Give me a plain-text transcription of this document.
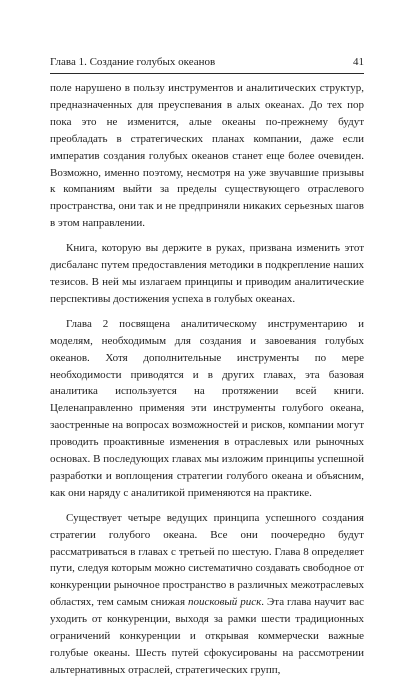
Глава 1. Создание голубых океанов	41

поле нарушено в пользу инструментов и аналитических структур, предназначенных для преуспевания в алых океанах. До тех пор пока это не изменится, алые океаны по-прежнему будут преобладать в стратегических планах компании, даже если императив создания голубых океанов станет еще более очевиден. Возможно, именно поэтому, несмотря на уже звучавшие призывы к компаниям выйти за пределы существующего отраслевого пространства, они так и не предприняли никаких серьезных шагов в этом направлении.

Книга, которую вы держите в руках, призвана изменить этот дисбаланс путем предоставления методики в подкрепление наших тезисов. В ней мы излагаем принципы и приводим аналитические перспективы достижения успеха в голубых океанах.

Глава 2 посвящена аналитическому инструментарию и моделям, необходимым для создания и завоевания голубых океанов. Хотя дополнительные инструменты по мере необходимости приводятся и в других главах, эта базовая аналитика используется на протяжении всей книги. Целенаправленно применяя эти инструменты голубого океана, заостренные на вопросах возможностей и рисков, компании могут проводить проактивные изменения в отраслевых или рыночных основах. В последующих главах мы изложим принципы успешной разработки и воплощения стратегии голубого океана и объясним, как они наряду с аналитикой применяются на практике.

Существует четыре ведущих принципа успешного создания стратегии голубого океана. Все они поочередно будут рассматриваться в главах с третьей по шестую. Глава 8 определяет пути, следуя которым можно систематично создавать свободное от конкуренции рыночное пространство в различных межотраслевых областях, тем самым снижая поисковый риск. Эта глава научит вас уходить от конкуренции, выходя за рамки шести традиционных ограничений конкуренции и открывая коммерчески важные голубые океаны. Шесть путей сфокусированы на рассмотрении альтернативных отраслей, стратегических групп,
